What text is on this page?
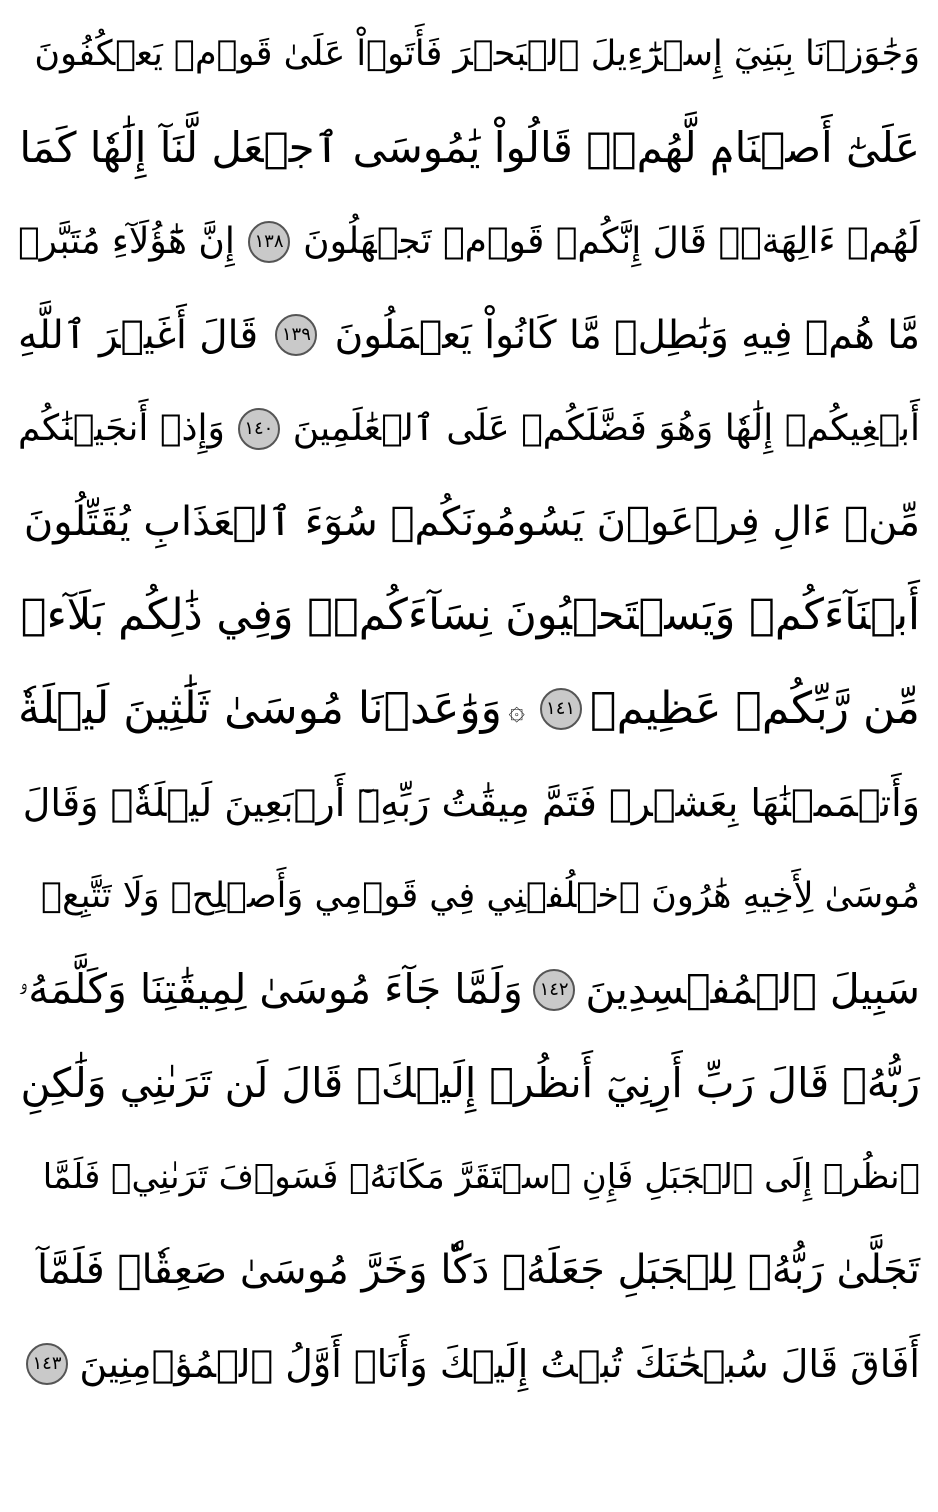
وَجَٰوَزۡنَا بِبَنِيٓ إِسۡرَٰٓءِيلَ ٱلۡبَحۡرَ فَأَتَوۡاْ عَلَىٰ قَوۡمٖ يَعۡكُفُونَ
عَلَىٰٓ أَصۡنَامٖ لَّهُمۡۚ قَالُواْ يَٰمُوسَى ٱجۡعَل لَّنَآ إِلَٰهٗا كَمَا
لَهُمۡ ءَالِهَةٞۚ قَالَ إِنَّكُمۡ قَوۡمٞ تَجۡهَلُونَ
١٣٨
إِنَّ هَٰٓؤُلَآءِ مُتَبَّرٞ
مَّا هُمۡ فِيهِ وَبَٰطِلٞ مَّا كَانُواْ يَعۡمَلُونَ
١٣٩
قَالَ أَغَيۡرَ ٱللَّهِ
أَبۡغِيكُمۡ إِلَٰهٗا وَهُوَ فَضَّلَكُمۡ عَلَى ٱلۡعَٰلَمِينَ
١٤٠
وَإِذۡ أَنجَيۡنَٰكُم
مِّنۡ ءَالِ فِرۡعَوۡنَ يَسُومُونَكُمۡ سُوٓءَ ٱلۡعَذَابِ يُقَتِّلُونَ
أَبۡنَآءَكُمۡ وَيَسۡتَحۡيُونَ نِسَآءَكُمۡۚ وَفِي ذَٰلِكُم بَلَآءٞ
مِّن رَّبِّكُمۡ عَظِيمٞ
١٤١
۞
وَوَٰعَدۡنَا مُوسَىٰ ثَلَٰثِينَ لَيۡلَةٗ
وَأَتۡمَمۡنَٰهَا بِعَشۡرٖ فَتَمَّ مِيقَٰتُ رَبِّهِۦٓ أَرۡبَعِينَ لَيۡلَةٗۚ وَقَالَ
مُوسَىٰ لِأَخِيهِ هَٰرُونَ ٱخۡلُفۡنِي فِي قَوۡمِي وَأَصۡلِحۡ وَلَا تَتَّبِعۡ
سَبِيلَ ٱلۡمُفۡسِدِينَ
١٤٢
وَلَمَّا جَآءَ مُوسَىٰ لِمِيقَٰتِنَا وَكَلَّمَهُۥ
رَبُّهُۥ قَالَ رَبِّ أَرِنِيٓ أَنظُرۡ إِلَيۡكَۚ قَالَ لَن تَرَىٰنِي وَلَٰكِنِ
ٱنظُرۡ إِلَى ٱلۡجَبَلِ فَإِنِ ٱسۡتَقَرَّ مَكَانَهُۥ فَسَوۡفَ تَرَىٰنِيۚ فَلَمَّا
تَجَلَّىٰ رَبُّهُۥ لِلۡجَبَلِ جَعَلَهُۥ دَكّٗا وَخَرَّ مُوسَىٰ صَعِقٗاۚ فَلَمَّآ
أَفَاقَ قَالَ سُبۡحَٰنَكَ تُبۡتُ إِلَيۡكَ وَأَنَا۠ أَوَّلُ ٱلۡمُؤۡمِنِينَ
١٤٣
